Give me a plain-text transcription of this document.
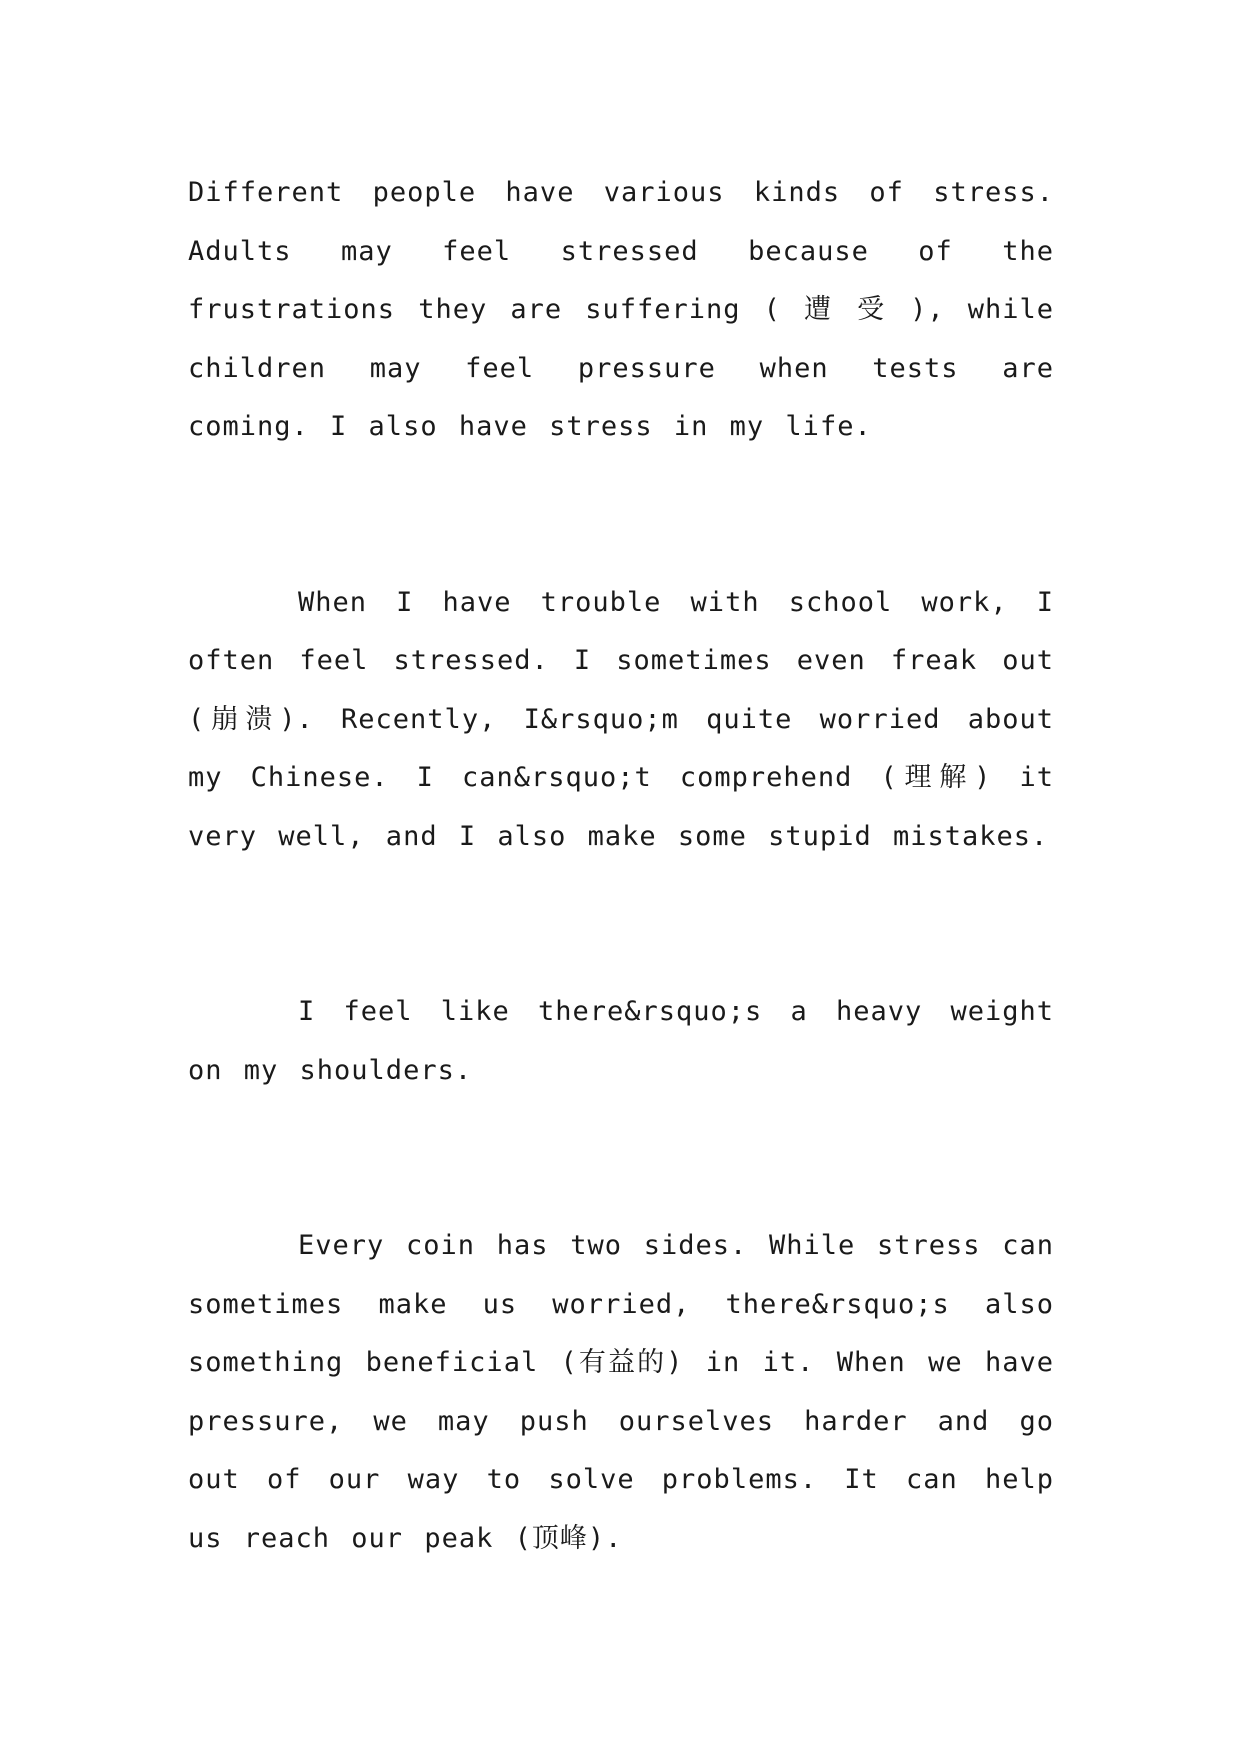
Different people have various kinds of stress. Adults may feel stressed because of the frustrations they are suffering ( 遭 受 ), while children may feel pressure when tests are coming. I also have stress in my life.

When I have trouble with school work, I often feel stressed. I sometimes even freak out (崩溃). Recently, I&rsquo;m quite worried about my Chinese. I can&rsquo;t comprehend (理解) it very well, and I also make some stupid mistakes.

I feel like there&rsquo;s a heavy weight on my shoulders.

Every coin has two sides. While stress can sometimes make us worried, there&rsquo;s also something beneficial (有益的) in it. When we have pressure, we may push ourselves harder and go out of our way to solve problems. It can help us reach our peak (顶峰).
